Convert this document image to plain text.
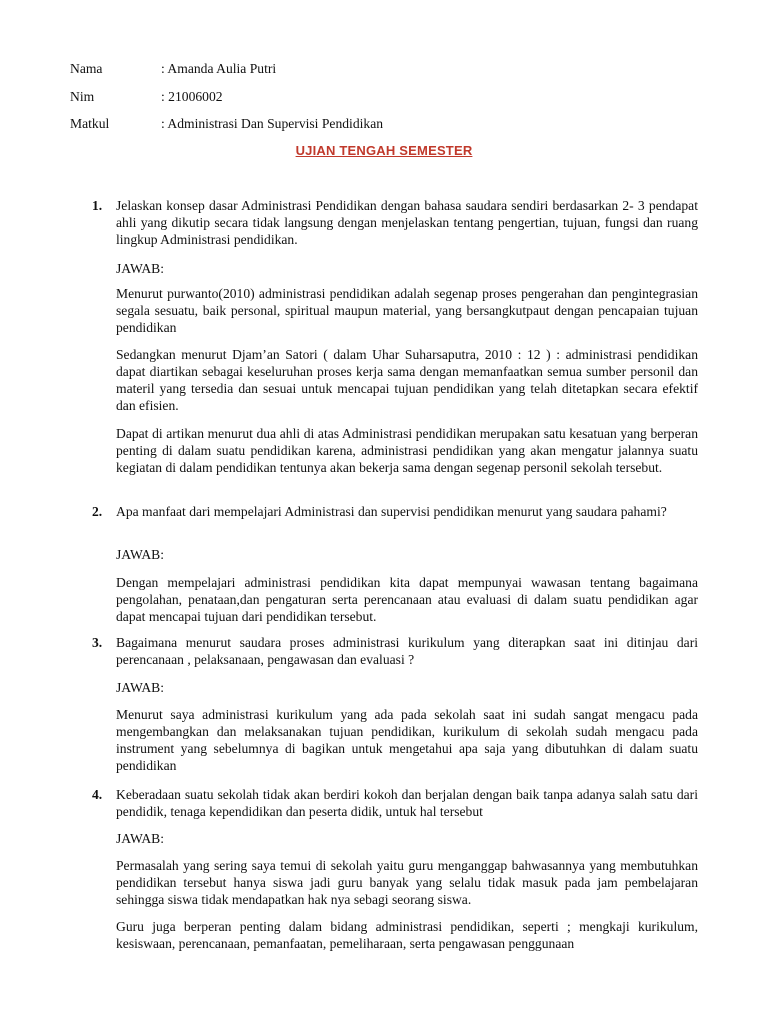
Nama	: Amanda Aulia Putri
Nim	: 21006002
Matkul	: Administrasi Dan Supervisi Pendidikan
UJIAN TENGAH SEMESTER
1. Jelaskan konsep dasar Administrasi Pendidikan dengan bahasa saudara sendiri berdasarkan 2- 3 pendapat ahli yang dikutip secara tidak langsung dengan menjelaskan tentang pengertian, tujuan, fungsi dan ruang lingkup Administrasi pendidikan.
JAWAB:
Menurut purwanto(2010) administrasi pendidikan adalah segenap proses pengerahan dan pengintegrasian segala sesuatu, baik personal, spiritual maupun material, yang bersangkutpaut dengan pencapaian tujuan pendidikan
Sedangkan menurut Djam’an Satori ( dalam Uhar Suharsaputra, 2010 : 12 ) : administrasi pendidikan dapat diartikan sebagai keseluruhan proses kerja sama dengan memanfaatkan semua sumber personil dan materil yang tersedia dan sesuai untuk mencapai tujuan pendidikan yang telah ditetapkan secara efektif dan efisien.
Dapat di artikan menurut dua ahli di atas Administrasi pendidikan merupakan satu kesatuan yang berperan penting di dalam suatu pendidikan karena, administrasi pendidikan yang akan mengatur jalannya suatu kegiatan di dalam pendidikan tentunya akan bekerja sama dengan segenap personil sekolah tersebut.
2. Apa manfaat dari mempelajari Administrasi dan supervisi pendidikan menurut yang saudara pahami?
JAWAB:
Dengan mempelajari administrasi pendidikan kita dapat mempunyai wawasan tentang bagaimana pengolahan, penataan,dan pengaturan serta perencanaan atau evaluasi di dalam suatu pendidikan agar dapat mencapai tujuan dari pendidikan tersebut.
3. Bagaimana menurut saudara proses administrasi kurikulum yang diterapkan saat ini ditinjau dari perencanaan , pelaksanaan, pengawasan dan evaluasi ?
JAWAB:
Menurut saya administrasi kurikulum yang ada pada sekolah saat ini sudah sangat mengacu pada mengembangkan dan melaksanakan tujuan pendidikan, kurikulum di sekolah sudah mengacu pada instrument yang sebelumnya di bagikan untuk mengetahui apa saja yang dibutuhkan di dalam suatu pendidikan
4. Keberadaan suatu sekolah tidak akan berdiri kokoh dan berjalan dengan baik tanpa adanya salah satu dari pendidik, tenaga kependidikan dan peserta didik, untuk hal tersebut
JAWAB:
Permasalah yang sering saya temui di sekolah yaitu guru menganggap bahwasannya yang membutuhkan pendidikan tersebut hanya siswa jadi guru banyak yang selalu tidak masuk pada jam pembelajaran sehingga siswa tidak mendapatkan hak nya sebagi seorang siswa.
Guru juga berperan penting dalam bidang administrasi pendidikan, seperti ; mengkaji kurikulum, kesiswaan, perencanaan, pemanfaatan, pemeliharaan, serta pengawasan penggunaan
